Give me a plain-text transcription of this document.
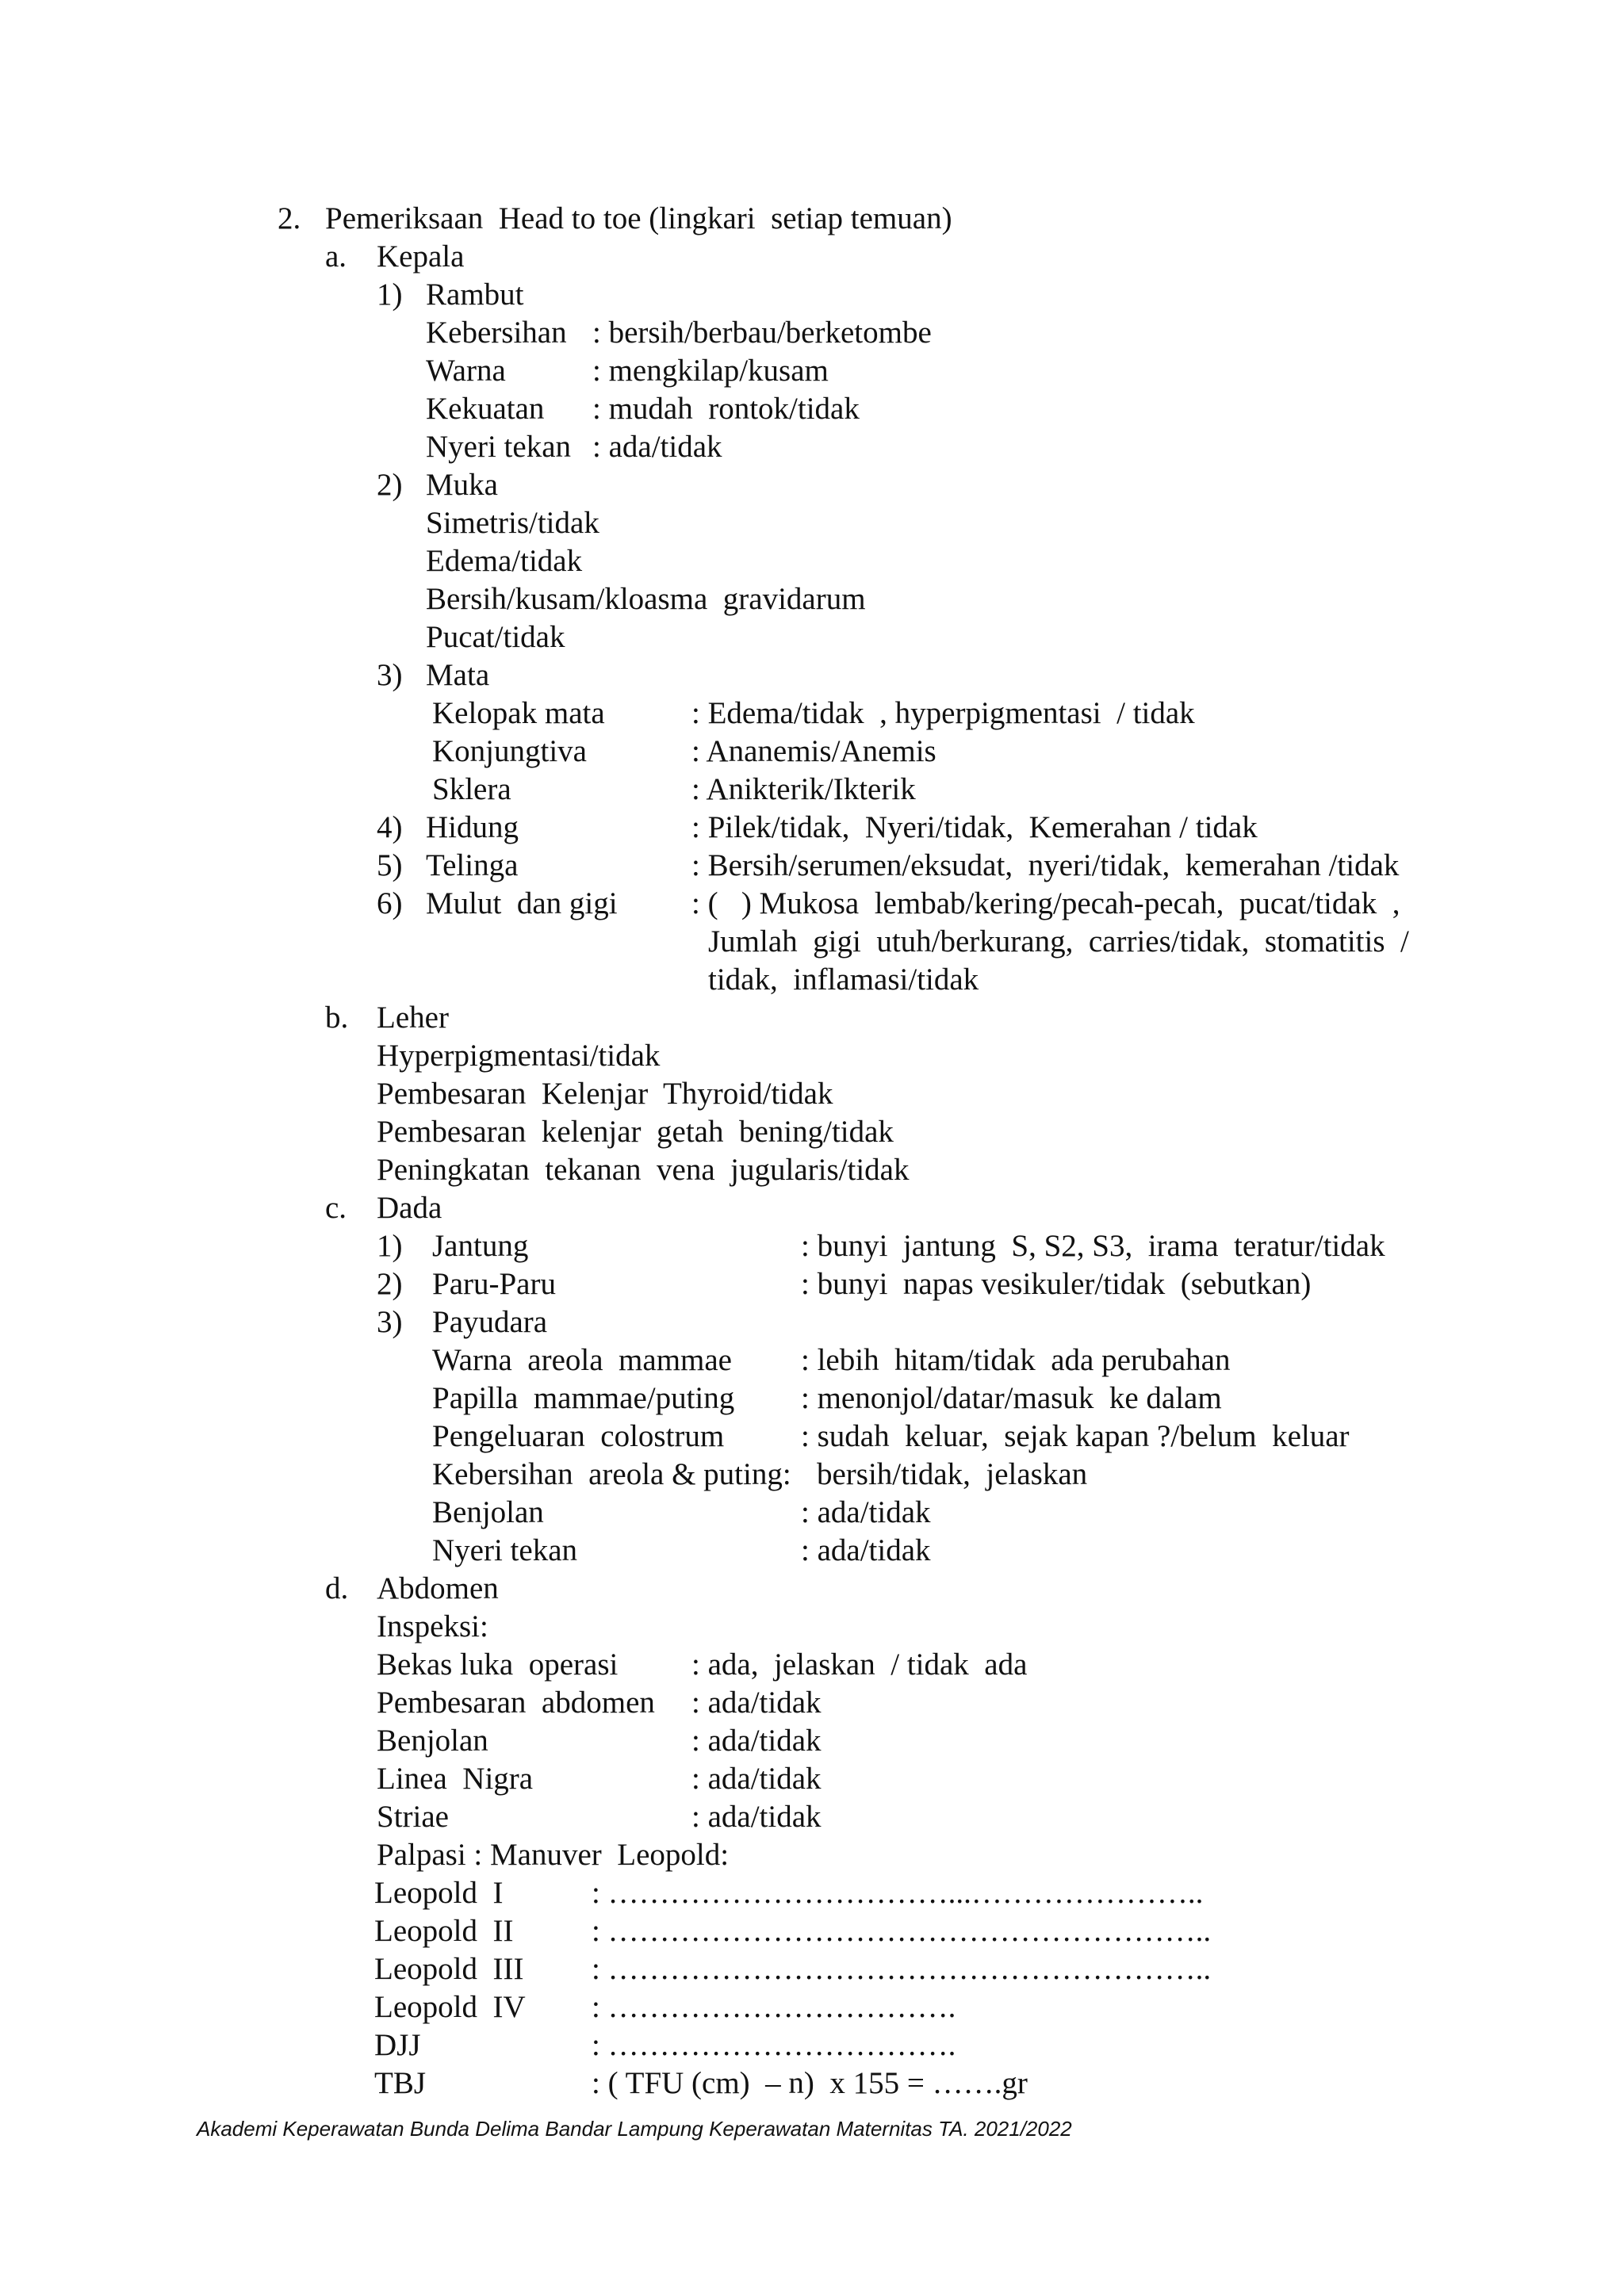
2. Pemeriksaan  Head to toe (lingkari  setiap temuan)
a. Kepala
1) Rambut
Kebersihan : bersih/berbau/berketombe
Warna	: mengkilap/kusam
Kekuatan : mudah  rontok/tidak
Nyeri tekan : ada/tidak
2) Muka
Simetris/tidak
Edema/tidak
Bersih/kusam/kloasma  gravidarum
Pucat/tidak
3) Mata
Kelopak mata	: Edema/tidak  , hyperpigmentasi  / tidak
Konjungtiva	: Ananemis/Anemis
Sklera	: Anikterik/Ikterik
4) Hidung	: Pilek/tidak,  Nyeri/tidak,  Kemerahan / tidak
5) Telinga	: Bersih/serumen/eksudat,  nyeri/tidak,  kemerahan /tidak
6) Mulut  dan gigi : (   ) Mukosa  lembab/kering/pecah-pecah,  pucat/tidak  ,
Jumlah  gigi  utuh/berkurang,  carries/tidak,  stomatitis  /
tidak,  inflamasi/tidak
b. Leher
Hyperpigmentasi/tidak
Pembesaran  Kelenjar  Thyroid/tidak
Pembesaran  kelenjar  getah  bening/tidak
Peningkatan  tekanan  vena  jugularis/tidak
c. Dada
1) Jantung	: bunyi  jantung  S, S2, S3,  irama  teratur/tidak
2) Paru-Paru	: bunyi  napas vesikuler/tidak  (sebutkan)
3) Payudara
Warna  areola  mammae : lebih  hitam/tidak  ada perubahan
Papilla  mammae/puting : menonjol/datar/masuk  ke dalam
Pengeluaran  colostrum : sudah  keluar,  sejak kapan ?/belum  keluar
Kebersihan  areola & puting: bersih/tidak,  jelaskan
Benjolan	: ada/tidak
Nyeri tekan	: ada/tidak
d. Abdomen
Inspeksi:
Bekas luka  operasi : ada,  jelaskan  / tidak  ada
Pembesaran  abdomen : ada/tidak
Benjolan	: ada/tidak
Linea  Nigra	: ada/tidak
Striae	: ada/tidak
Palpasi : Manuver  Leopold:
Leopold  I	: ……………………………...…………………..
Leopold  II	: …………………………………………………..
Leopold  III : …………………………………………………..
Leopold  IV : …………………………….
DJJ	: …………………………….
TBJ	: ( TFU (cm)  – n)  x 155 = …….gr
Akademi Keperawatan Bunda Delima Bandar Lampung Keperawatan Maternitas TA. 2021/2022
